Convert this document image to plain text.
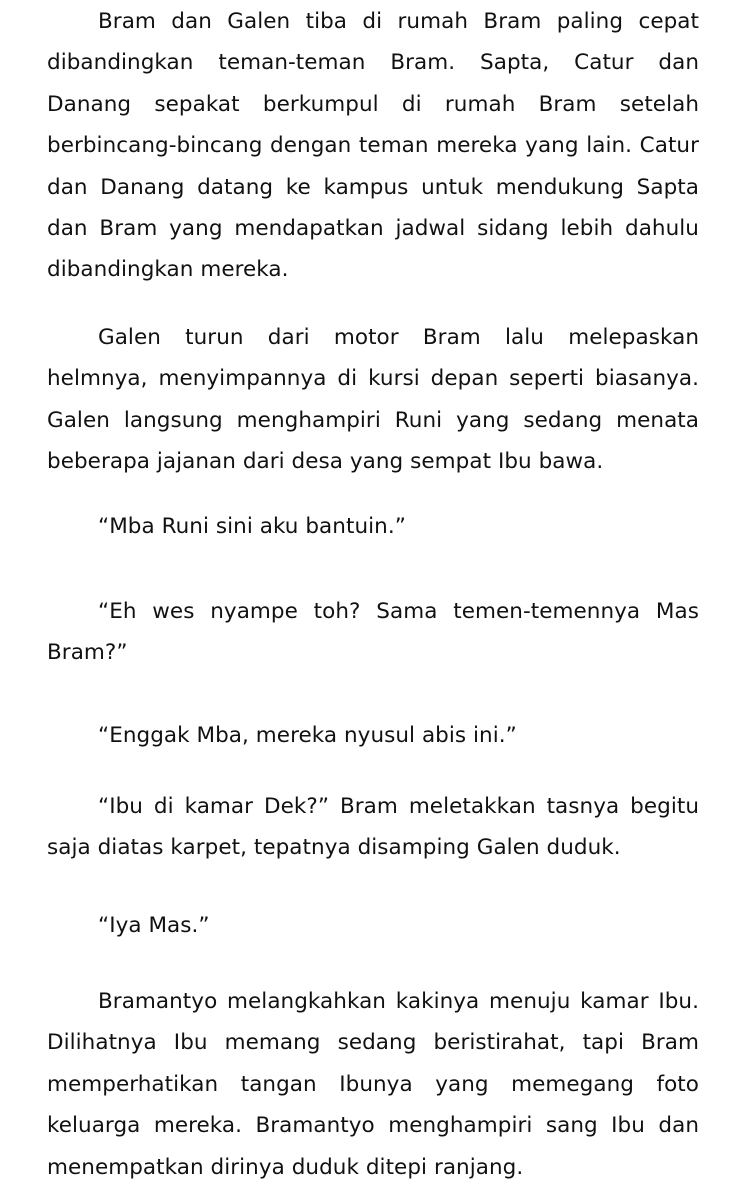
Bram dan Galen tiba di rumah Bram paling cepat dibandingkan teman-teman Bram. Sapta, Catur dan Danang sepakat berkumpul di rumah Bram setelah berbincang-bincang dengan teman mereka yang lain. Catur dan Danang datang ke kampus untuk mendukung Sapta dan Bram yang mendapatkan jadwal sidang lebih dahulu dibandingkan mereka.

Galen turun dari motor Bram lalu melepaskan helmnya, menyimpannya di kursi depan seperti biasanya. Galen langsung menghampiri Runi yang sedang menata beberapa jajanan dari desa yang sempat Ibu bawa.

“Mba Runi sini aku bantuin.”

“Eh wes nyampe toh? Sama temen-temennya Mas Bram?”

“Enggak Mba, mereka nyusul abis ini.”

“Ibu di kamar Dek?” Bram meletakkan tasnya begitu saja diatas karpet, tepatnya disamping Galen duduk.

“Iya Mas.”

Bramantyo melangkahkan kakinya menuju kamar Ibu. Dilihatnya Ibu memang sedang beristirahat, tapi Bram memperhatikan tangan Ibunya yang memegang foto keluarga mereka. Bramantyo menghampiri sang Ibu dan menempatkan dirinya duduk ditepi ranjang.
